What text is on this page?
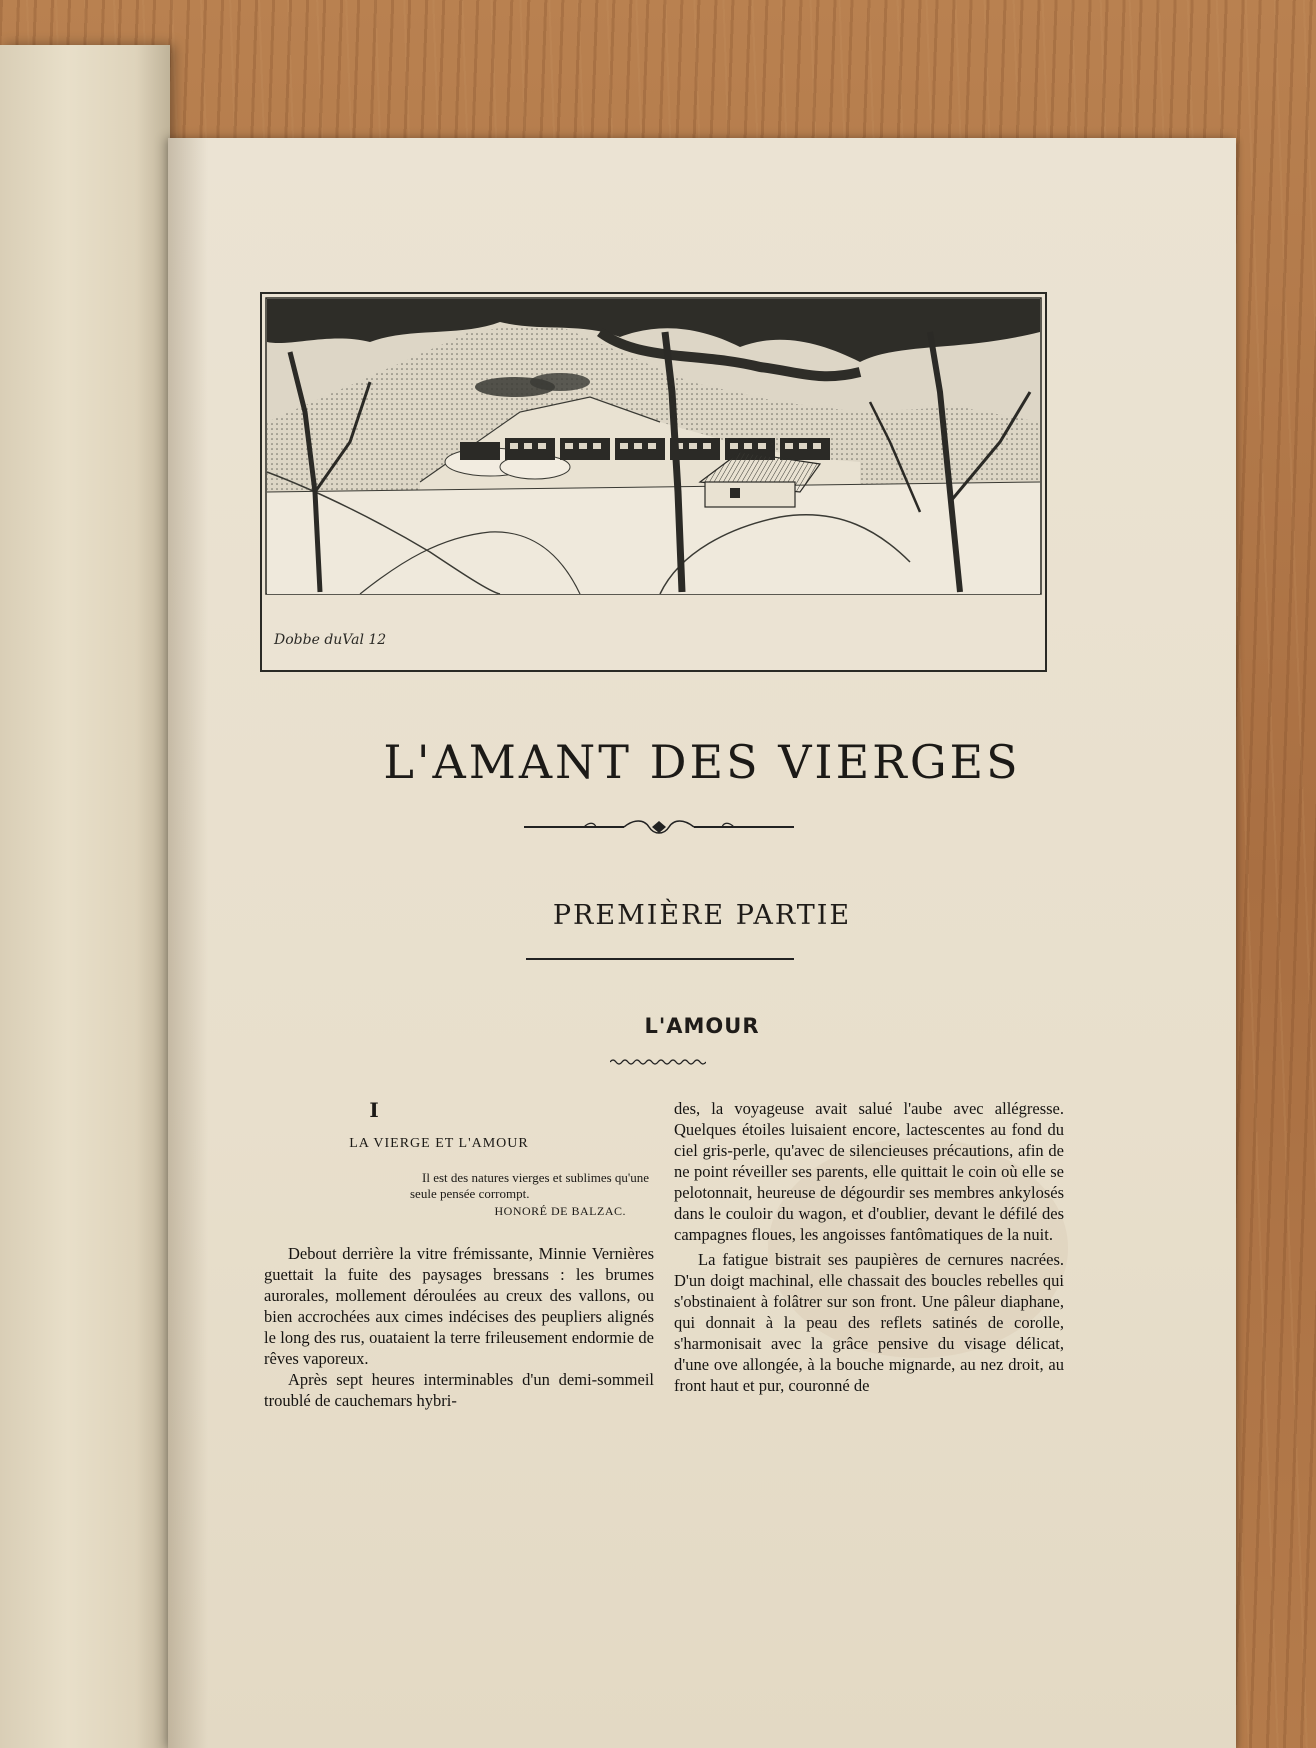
Dobbe duVal 12
L'AMANT DES VIERGES
PREMIÈRE PARTIE
L'AMOUR

I

LA VIERGE ET L'AMOUR

Il est des natures vierges et sublimes qu'une seule pensée corrompt.

HONORÉ DE BALZAC.

Debout derrière la vitre frémissante, Minnie Vernières guettait la fuite des paysages bressans : les brumes aurorales, mollement déroulées au creux des vallons, ou bien accrochées aux cimes indécises des peupliers alignés le long des rus, ouataient la terre frileusement endormie de rêves vaporeux.

Après sept heures interminables d'un demi-sommeil troublé de cauchemars hybri-

des, la voyageuse avait salué l'aube avec allégresse. Quelques étoiles luisaient encore, lactescentes au fond du ciel gris-perle, qu'avec de silencieuses précautions, afin de ne point réveiller ses parents, elle quittait le coin où elle se pelotonnait, heureuse de dégourdir ses membres ankylosés dans le couloir du wagon, et d'oublier, devant le défilé des campagnes floues, les angoisses fantômatiques de la nuit.

La fatigue bistrait ses paupières de cernures nacrées. D'un doigt machinal, elle chassait des boucles rebelles qui s'obstinaient à folâtrer sur son front. Une pâleur diaphane, qui donnait à la peau des reflets satinés de corolle, s'harmonisait avec la grâce pensive du visage délicat, d'une ove allongée, à la bouche mignarde, au nez droit, au front haut et pur, couronné de
